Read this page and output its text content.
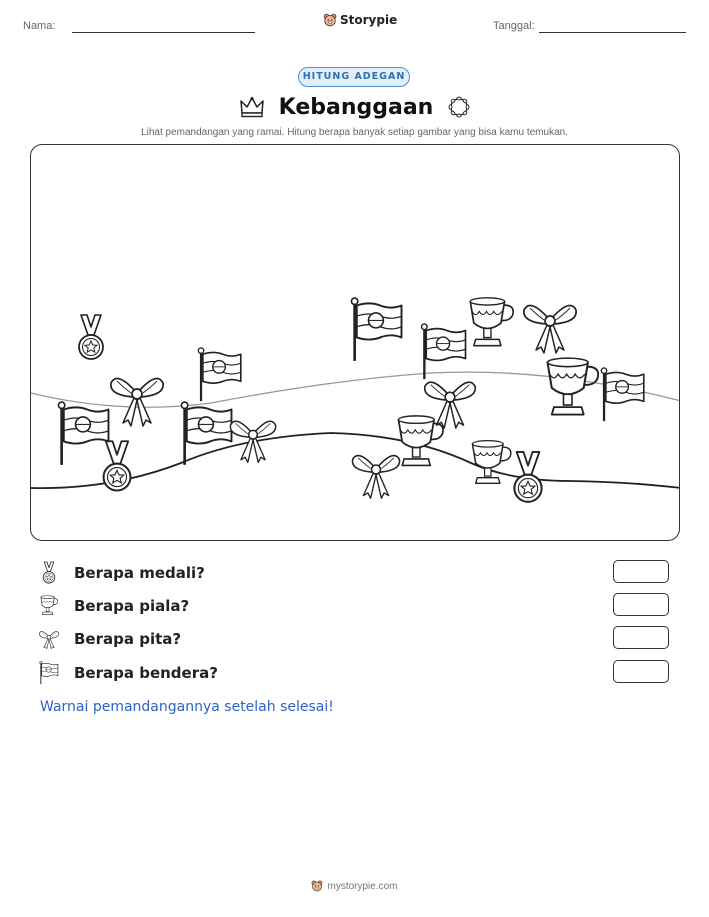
Nama:	Storypie	Tanggal:
HITUNG ADEGAN
Kebanggaan
Lihat pemandangan yang ramai. Hitung berapa banyak setiap gambar yang bisa kamu temukan.
Berapa medali?
Berapa piala?
Berapa pita?
Berapa bendera?
Warnai pemandangannya setelah selesai!
mystorypie.com
